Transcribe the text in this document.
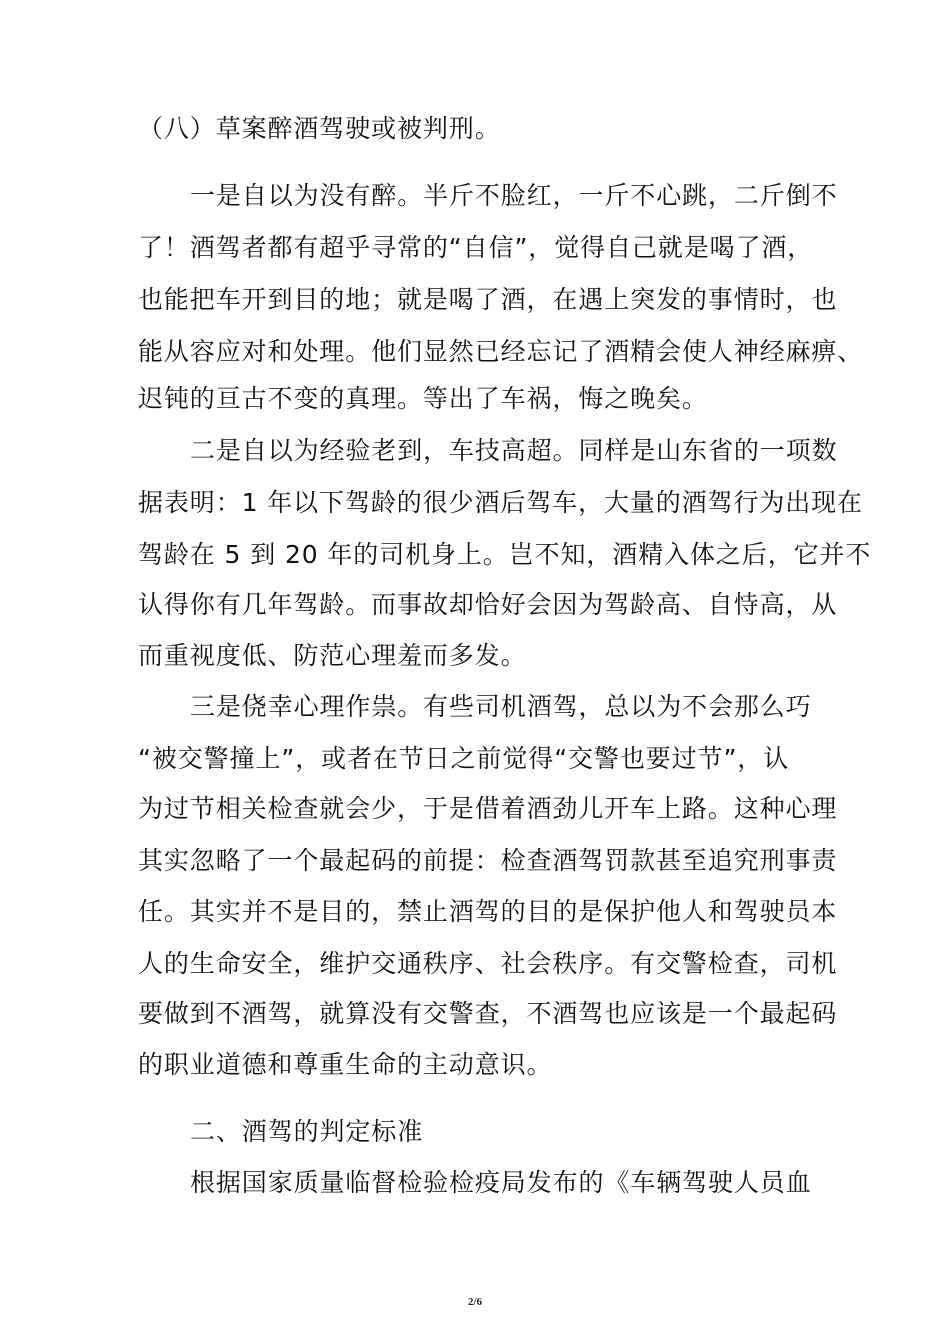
（八）草案醉酒驾驶或被判刑。
一是自以为没有醉。半斤不脸红，一斤不心跳，二斤倒不
了！酒驾者都有超乎寻常的“自信”，觉得自己就是喝了酒，
也能把车开到目的地；就是喝了酒，在遇上突发的事情时，也
能从容应对和处理。他们显然已经忘记了酒精会使人神经麻痹、
迟钝的亘古不变的真理。等出了车祸，悔之晚矣。
二是自以为经验老到，车技高超。同样是山东省的一项数
据表明：1 年以下驾龄的很少酒后驾车，大量的酒驾行为出现在
驾龄在 5 到 20 年的司机身上。岂不知，酒精入体之后，它并不
认得你有几年驾龄。而事故却恰好会因为驾龄高、自恃高，从
而重视度低、防范心理羞而多发。
三是侥幸心理作祟。有些司机酒驾，总以为不会那么巧
“被交警撞上”，或者在节日之前觉得“交警也要过节”，认
为过节相关检查就会少，于是借着酒劲儿开车上路。这种心理
其实忽略了一个最起码的前提：检查酒驾罚款甚至追究刑事责
任。其实并不是目的，禁止酒驾的目的是保护他人和驾驶员本
人的生命安全，维护交通秩序、社会秩序。有交警检查，司机
要做到不酒驾，就算没有交警查，不酒驾也应该是一个最起码
的职业道德和尊重生命的主动意识。
二、酒驾的判定标准
根据国家质量临督检验检疫局发布的《车辆驾驶人员血
2/6
